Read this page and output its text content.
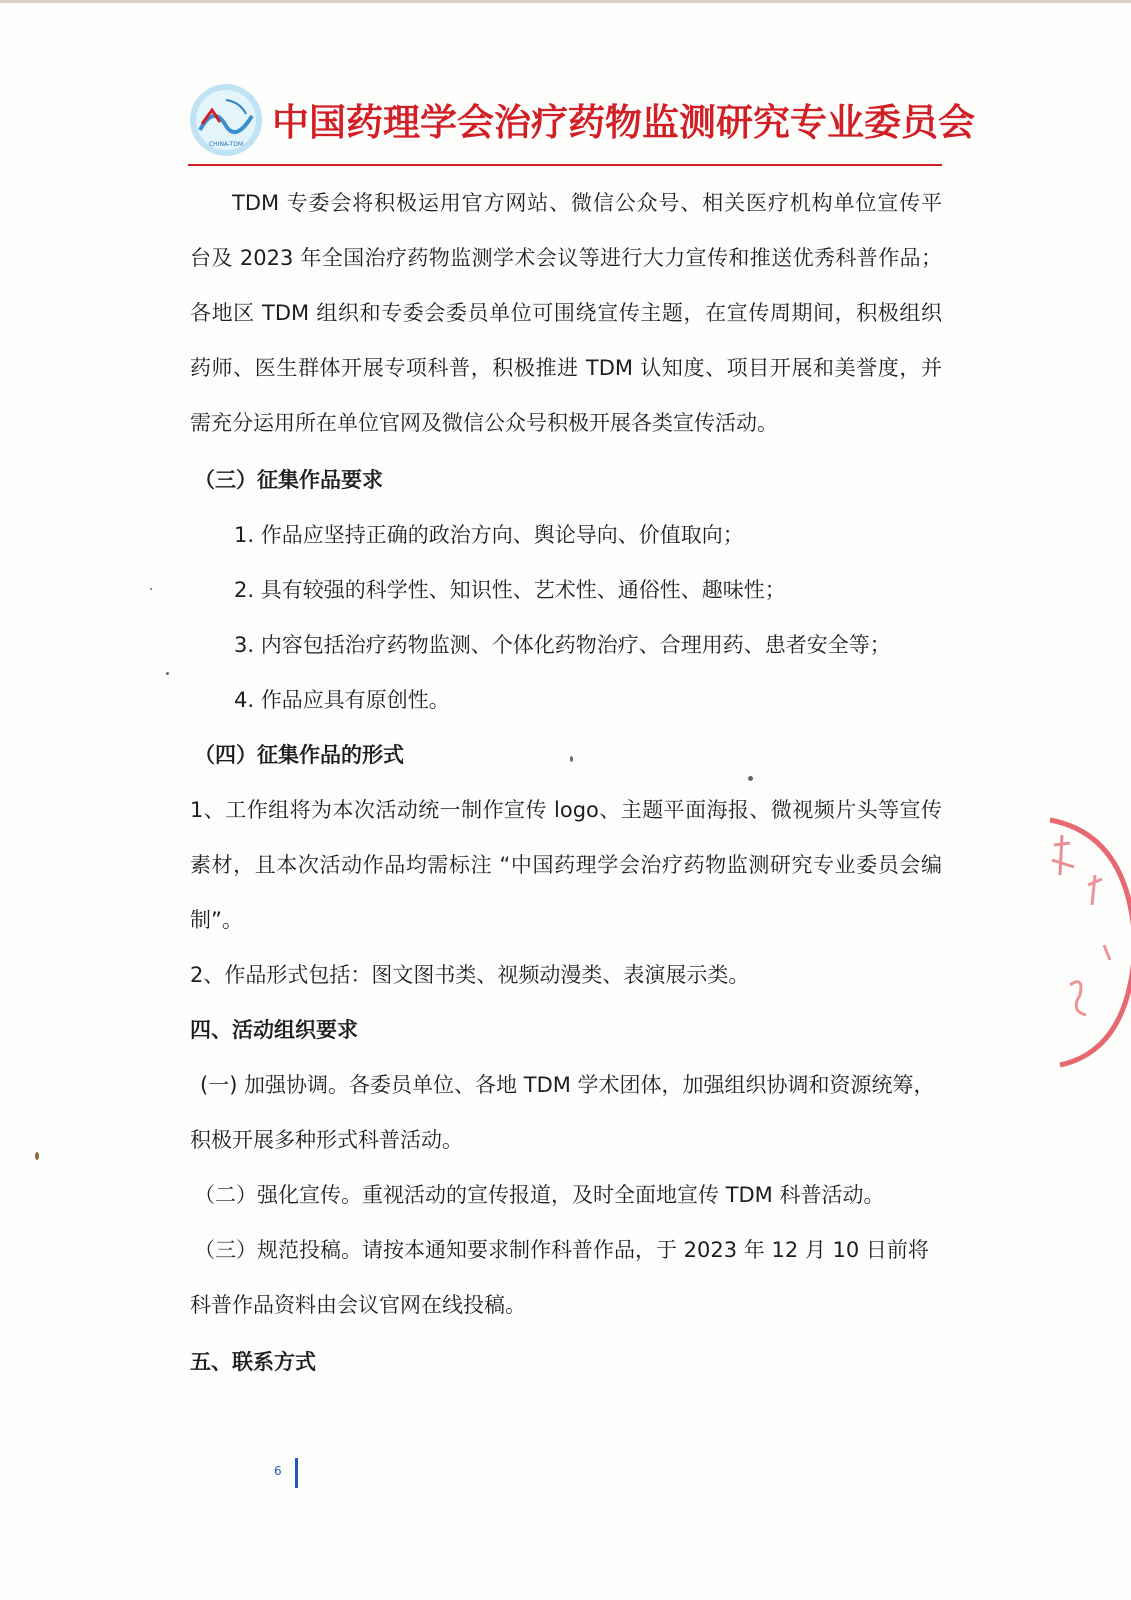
CHINA-TDM
中国药理学会治疗药物监测研究专业委员会
TDM 专委会将积极运用官方网站、微信公众号、相关医疗机构单位宣传平
台及 2023 年全国治疗药物监测学术会议等进行大力宣传和推送优秀科普作品；
各地区 TDM 组织和专委会委员单位可围绕宣传主题，在宣传周期间，积极组织
药师、医生群体开展专项科普，积极推进 TDM 认知度、项目开展和美誉度，并
需充分运用所在单位官网及微信公众号积极开展各类宣传活动。
（三）征集作品要求
1. 作品应坚持正确的政治方向、舆论导向、价值取向；
2. 具有较强的科学性、知识性、艺术性、通俗性、趣味性；
3. 内容包括治疗药物监测、个体化药物治疗、合理用药、患者安全等；
4. 作品应具有原创性。
（四）征集作品的形式
1、工作组将为本次活动统一制作宣传 logo、主题平面海报、微视频片头等宣传
素材，且本次活动作品均需标注 “中国药理学会治疗药物监测研究专业委员会编
制”。
2、作品形式包括：图文图书类、视频动漫类、表演展示类。
四、活动组织要求
(一) 加强协调。各委员单位、各地 TDM 学术团体，加强组织协调和资源统筹，
积极开展多种形式科普活动。
（二）强化宣传。重视活动的宣传报道，及时全面地宣传 TDM 科普活动。
（三）规范投稿。请按本通知要求制作科普作品，于 2023 年 12 月 10 日前将
科普作品资料由会议官网在线投稿。
五、联系方式
6
